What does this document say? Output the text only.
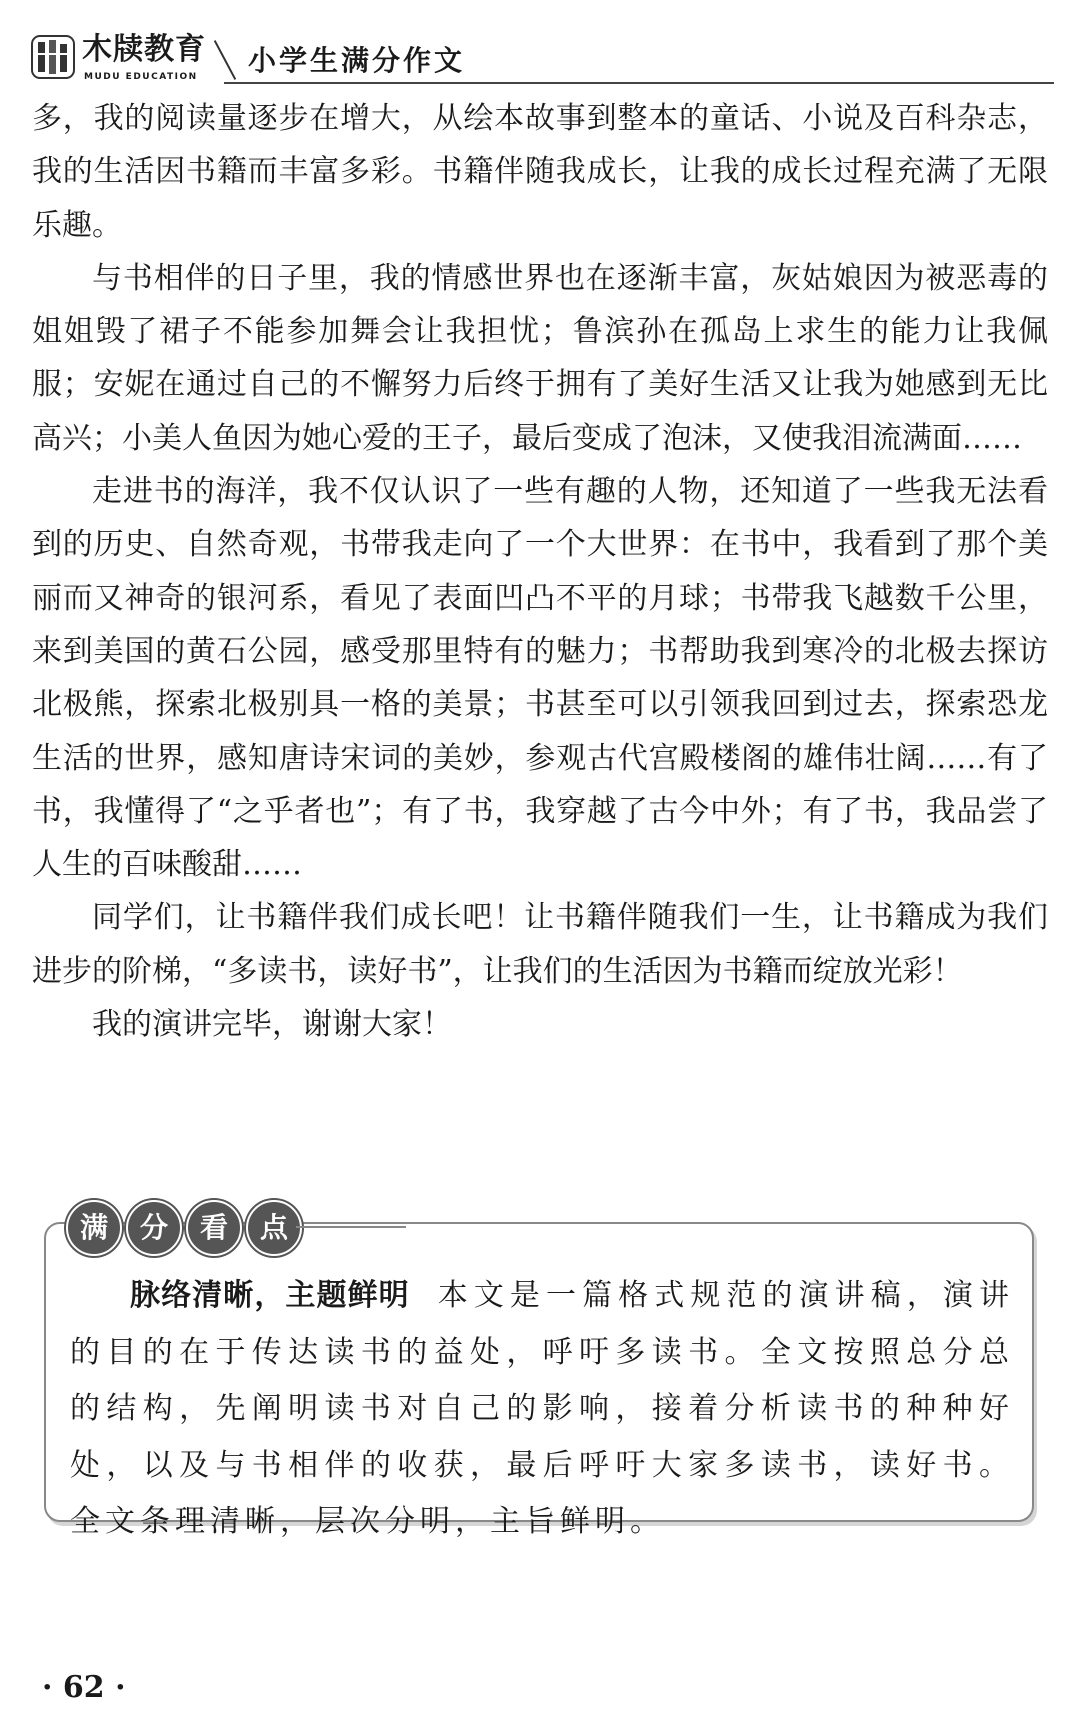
木牍教育
MUDU EDUCATION 小学生满分作文

多，我的阅读量逐步在增大，从绘本故事到整本的童话、小说及百科杂志，我的生活因书籍而丰富多彩。书籍伴随我成长，让我的成长过程充满了无限乐趣。

与书相伴的日子里，我的情感世界也在逐渐丰富，灰姑娘因为被恶毒的姐姐毁了裙子不能参加舞会让我担忧；鲁滨孙在孤岛上求生的能力让我佩服；安妮在通过自己的不懈努力后终于拥有了美好生活又让我为她感到无比高兴；小美人鱼因为她心爱的王子，最后变成了泡沫，又使我泪流满面……

走进书的海洋，我不仅认识了一些有趣的人物，还知道了一些我无法看到的历史、自然奇观，书带我走向了一个大世界：在书中，我看到了那个美丽而又神奇的银河系，看见了表面凹凸不平的月球；书带我飞越数千公里，来到美国的黄石公园，感受那里特有的魅力；书帮助我到寒冷的北极去探访北极熊，探索北极别具一格的美景；书甚至可以引领我回到过去，探索恐龙生活的世界，感知唐诗宋词的美妙，参观古代宫殿楼阁的雄伟壮阔……有了书，我懂得了“之乎者也”；有了书，我穿越了古今中外；有了书，我品尝了人生的百味酸甜……

同学们，让书籍伴我们成长吧！让书籍伴随我们一生，让书籍成为我们进步的阶梯，“多读书，读好书”，让我们的生活因为书籍而绽放光彩！

我的演讲完毕，谢谢大家！

满	分	看	点
脉络清晰，主题鲜明 本文是一篇格式规范的演讲稿，演讲的目的在于传达读书的益处，呼吁多读书。全文按照总分总的结构，先阐明读书对自己的影响，接着分析读书的种种好处，以及与书相伴的收获，最后呼吁大家多读书，读好书。全文条理清晰，层次分明，主旨鲜明。
· 62 ·
